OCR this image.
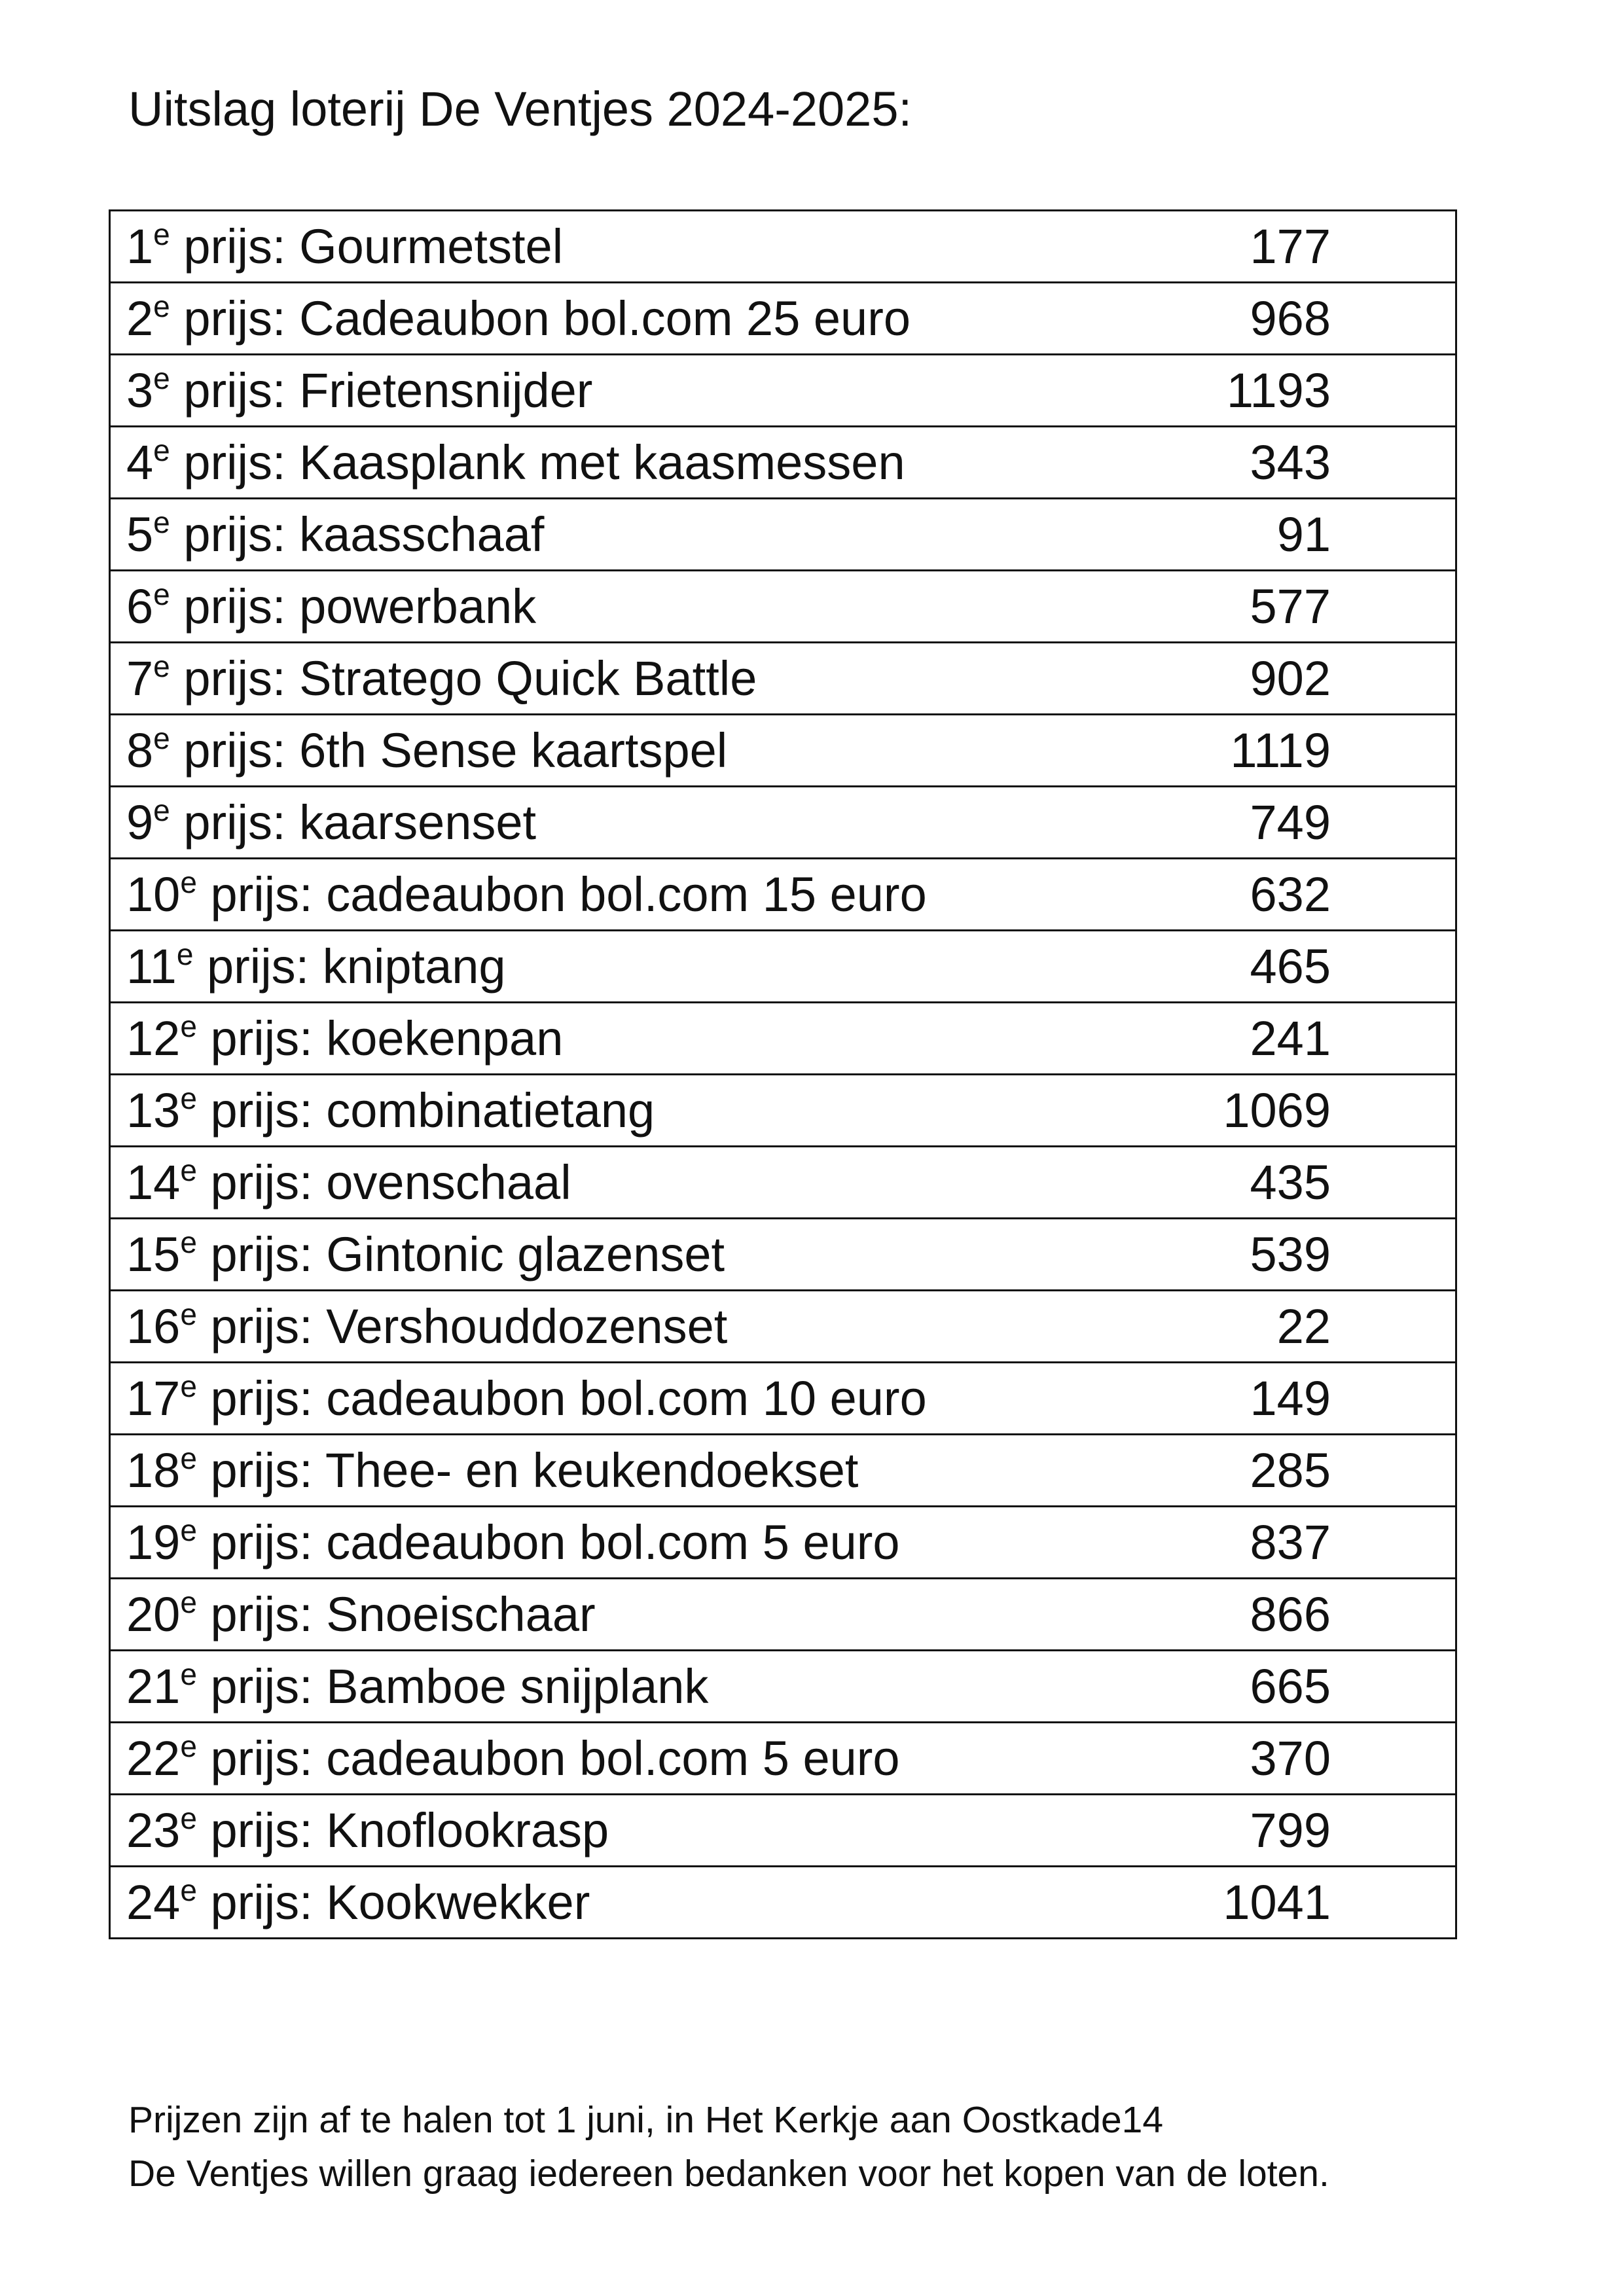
Uitslag loterij De Ventjes 2024-2025:
1e prijs: Gourmetstel	177
2e prijs: Cadeaubon bol.com 25 euro	968
3e prijs: Frietensnijder	1193
4e prijs: Kaasplank met kaasmessen	343
5e prijs: kaasschaaf	91
6e prijs: powerbank	577
7e prijs: Stratego Quick Battle	902
8e prijs: 6th Sense kaartspel	1119
9e prijs: kaarsenset	749
10e prijs: cadeaubon bol.com 15 euro	632
11e prijs: kniptang	465
12e prijs: koekenpan	241
13e prijs: combinatietang	1069
14e prijs: ovenschaal	435
15e prijs: Gintonic glazenset	539
16e prijs: Vershouddozenset	22
17e prijs: cadeaubon bol.com 10 euro	149
18e prijs: Thee- en keukendoekset	285
19e prijs: cadeaubon bol.com 5 euro	837
20e prijs: Snoeischaar	866
21e prijs: Bamboe snijplank	665
22e prijs: cadeaubon bol.com 5 euro	370
23e prijs: Knoflookrasp	799
24e prijs: Kookwekker	1041
Prijzen zijn af te halen tot 1 juni, in Het Kerkje aan Oostkade14
De Ventjes willen graag iedereen bedanken voor het kopen van de loten.
